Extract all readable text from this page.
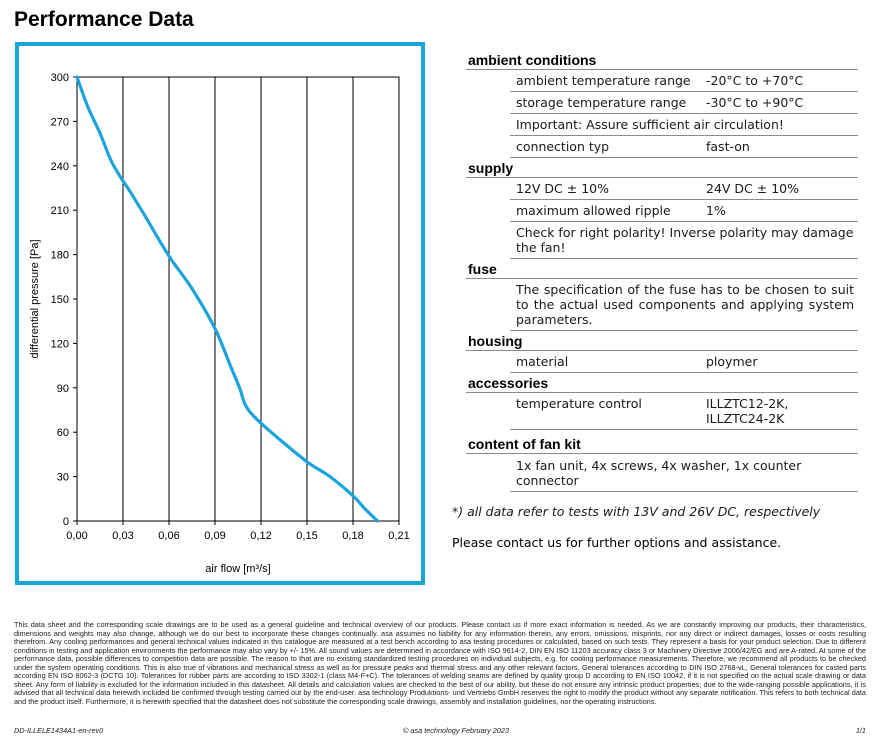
Performance Data
0,00 0,03 0,06 0,09 0,12 0,15 0,18 0,21
0
30
60
90
120
150
180
210
240
270
300
air flow [m³/s]
differential pressure [Pa]
ambient conditions
ambient temperature range	-20°C to +70°C
storage temperature range	-30°C to +90°C
Important: Assure sufficient air circulation!
connection typ	fast-on
supply
12V DC ± 10%	24V DC ± 10%
maximum allowed ripple	1%
Check for right polarity! Inverse polarity may damage the fan!
fuse
The specification of the fuse has to be chosen to suit to the actual used components and applying system parameters.
housing
material	ploymer
accessories
temperature control	ILLZTC12-2K,
ILLZTC24-2K
content of fan kit
1x fan unit, 4x screws, 4x washer, 1x counter connector
*) all data refer to tests with 13V and 26V DC, respectively
Please contact us for further options and assistance.
This data sheet and the corresponding scale drawings are to be used as a general guideline and technical overview of our products. Please contact us if more exact information is needed. As we are constantly improving our products, their characteristics, dimensions and weights may also change, although we do our best to incorporate these changes continually. asa assumes no liability for any information therein, any errors, omissions, misprints, nor any direct or indirect damages, losses or costs resulting therefrom. Any cooling performances and general technical values indicated in this catalogue are measured at a test bench according to asa testing procedures or calculated, based on such tests. They represent a basis for your product selection. Due to different conditions in testing and application environments the performance may also vary by +/- 15%. All sound values are determined in accordance with ISO 9614-2, DIN EN ISO 11203 accuracy class 3 or Machinery Directive 2006/42/EG and are A-rated. At some of the performance data, possible differences to competition data are possible. The reason to that are no existing standardized testing procedures on individual subjects, e.g. for cooling performance measurements. Therefore, we recommend all products to be checked under the system operating conditions. This is also true of vibrations and mechanical stress as well as for pressure peaks and thermal stress and any other relevant factors. General tolerances according to DIN ISO 2768-vL, General tolerances for casted parts according EN ISO 8062-3 (DCTG 10). Tolerances for rubber parts are according to ISO 3302-1 (class M4-F+C). The tolerances of welding seams are defined by quality group D according to EN ISO 10042, if it is not specified on the actual scale drawing or data sheet. Any form of liability is excluded for the information included in this datasheet. All details and calculation values are checked to the best of our ability, but these do not ensure any intrinsic product properties; due to the wide-ranging possible applications, it is advised that all technical data herewith included be confirmed through testing carried out by the end-user. asa technology Produktions- und Vertriebs GmbH reserves the right to modify the product without any separate notification. This refers to both technical data and the product itself. Furthermore, it is herewith specified that the datasheet does not substitute the corresponding scale drawings, assembly and installation guidelines, nor the operating instructions.
DD-ILLELE1434A1-en-rev0	© asa technology February 2023	1/1
